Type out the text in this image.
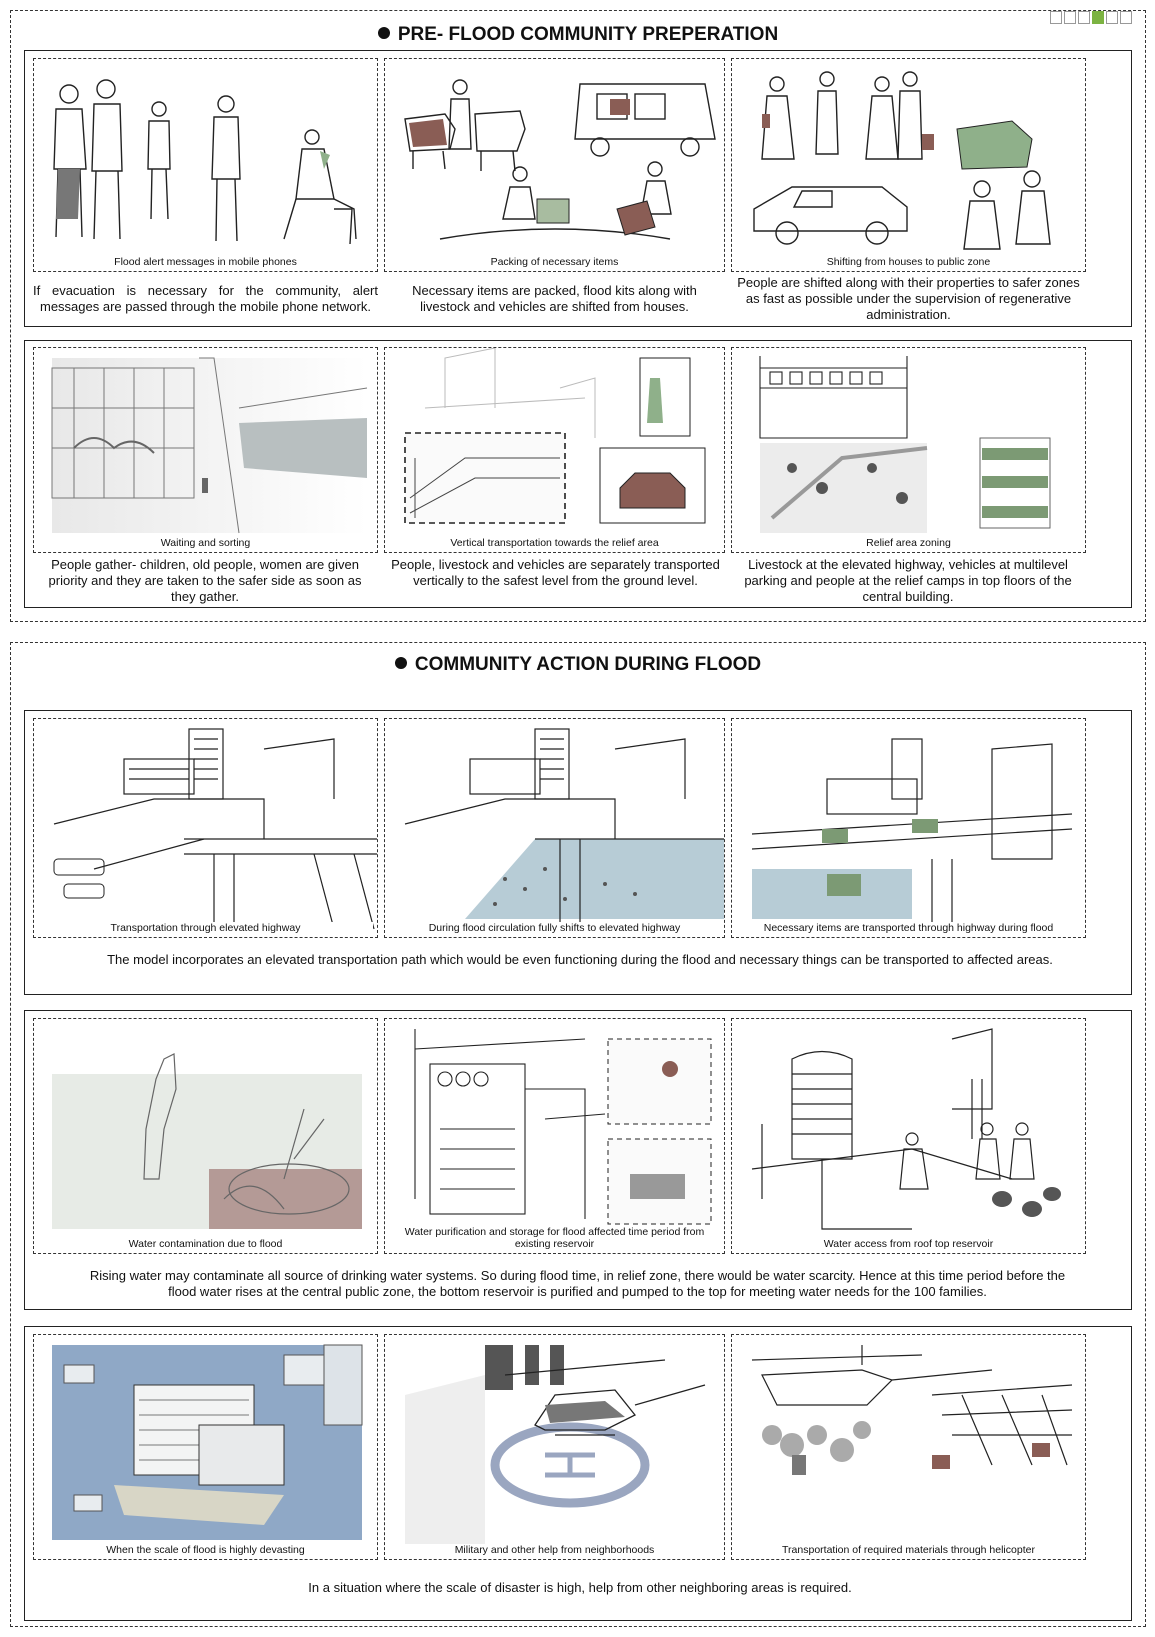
PRE- FLOOD COMMUNITY PREPERATION
Flood alert messages in mobile phones	Packing of necessary items	Shifting from houses to public zone
If evacuation is necessary for the community, alert messages are passed through the mobile phone network.
Necessary items are packed, flood kits along with livestock and vehicles are shifted from houses.
People are shifted along with their properties to safer zones as fast as possible under the supervision of regenerative administration.
Waiting and sorting	Vertical transportation towards the relief area	Relief area zoning
People gather- children, old people, women are given priority and they are taken to the safer side as soon as they gather.
People, livestock and vehicles are separately transported vertically to the safest level from the ground level.
Livestock at the elevated highway, vehicles at multilevel parking and people at the relief camps in top floors of the central building.
COMMUNITY ACTION DURING FLOOD
Transportation through elevated highway	During flood circulation fully shifts to elevated highway	Necessary items are transported through highway during flood
The model incorporates an elevated transportation path which would be even functioning during the flood and necessary things can be transported to affected areas.
Water contamination due to flood
Water purification and storage for flood affected time period from existing reservoir	Water access from roof top reservoir
Rising water may contaminate all source of drinking water systems. So during flood time, in relief zone, there would be water scarcity. Hence at this time period before the flood water rises at the central public zone, the bottom reservoir is purified and pumped to the top for meeting water needs for the 100 families.
When the scale of flood is highly devasting	Military and other help from neighborhoods	Transportation of required materials through helicopter
In a situation where the scale of disaster is high, help from other neighboring areas is required.
